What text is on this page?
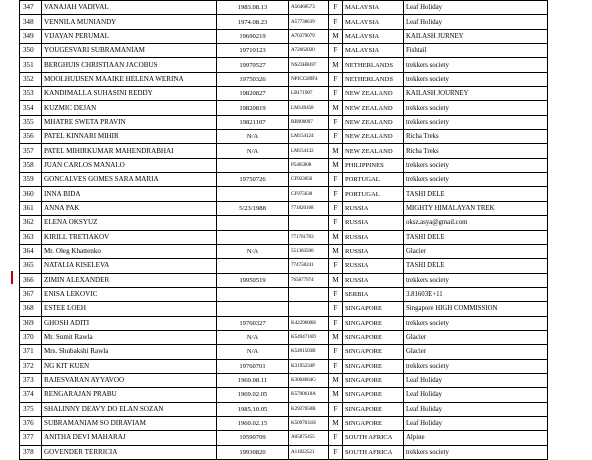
347	VANAJAH VADIVAL	1983.08.13	A56468573	F	MALAYSIA	Leaf Holiday
348	VENNILA MUNIANDY	1974.08.23	A57738639	F	MALAYSIA	Leaf Holiday
349	VIJAYAN PERUMAL	19690219	A70379079	M	MALAYSIA	KAILASH JURNEY
350	YOUGESVARI SUBRAMANIAM	19710123	A72662020	F	MALAYSIA	Fishtail
351	BERGHUIS CHRISTIAAN JACOBUS	19970527	NS23HBJ87	M	NETHERLANDS	trekkers society
352	MOOLHUIJSEN MAAIKE HELENA WERINA	19750326	NPJCCH9F4	F	NETHERLANDS	trekkers society
353	KANDIMALLA SUHASINI REDDY	19820827	LB171907	F	NEW ZEALAND	KAILASH JOURNEY
354	KUZMIC DEJAN	19820819	LM149458	M	NEW ZEALAND	trekkers society
355	MHATRE SWETA PRAVIN	19821107	RB900097	F	NEW ZEALAND	trekkers society
356	PATEL KINNARI MIHIR	N/A	LM154124	F	NEW ZEALAND	Richa Treks
357	PATEL MIHIRKUMAR MAHENDRABHAI	N/A	LM154132	M	NEW ZEALAND	Richa Treks
358	JUAN CARLOS MANALO		P5465808	M	PHILIPPINES	trekkers society
359	GONCALVES GOMES SARA MARIA	19750726	CF923056	F	PORTUGAL	trekkers society
360	INNA BIDA		CF975638	F	PORTUGAL	TASHI DELE
361	ANNA PAK	5/23/1988	771820168	F	RUSSIA	MIGHTY HIMALAYAN TREK
362	ELENA OKSYUZ			F	RUSSIA	oksz.asya@gmail.com
363	KIRILL TRETIAKOV		771761703	M	RUSSIA	TASHI DELE
364	Mr. Oleg Khattenko	N/A	551383500	M	RUSSIA	Glacier
365	NATALIA KISELEVA		774758241	F	RUSSIA	TASHI DELE
366	ZIMIN ALEXANDER	19950519	765877974	M	RUSSIA	trekkers society
367	ENISA LEKOVIC			F	SERBIA	3.81603E+11
368	ESTEE LOEH			F	SINGAPORE	Singapore HIGH COMMISSION
369	GHOSH ADITI	19760327	K4229600H	F	SINGAPORE	trekkers society
370	Mr. Sumit Rawla	N/A	K5494716D	M	SINGAPORE	Glacier
371	Mrs. Shubakshi Rawla	N/A	K5491503B	F	SINGAPORE	Glacier
372	NG KIT KUEN	19760701	K3195234P	F	SINGAPORE	trekkers society
373	RAJESVARAN AYYAVOO	1969.08.11	K3004664G	M	SINGAPORE	Leaf Holiday
374	RENGARAJAN PRABU	1969.02.05	K5700618A	M	SINGAPORE	Leaf Holiday
375	SHALINNY DEAVY DO ELAN SOZAN	1985.10.05	K2927050R	F	SINGAPORE	Leaf Holiday
376	SUBRAMANIAM SO DIRAVIAM	1960.02.15	K5097031H	M	SINGAPORE	Leaf Holiday
377	ANITHA DEVI MAHARAJ	19590709	A05875455	F	SOUTH AFRICA	Alpine
378	GOVENDER TERRICIA	19930820	A11822521	F	SOUTH AFRICA	trekkers society
